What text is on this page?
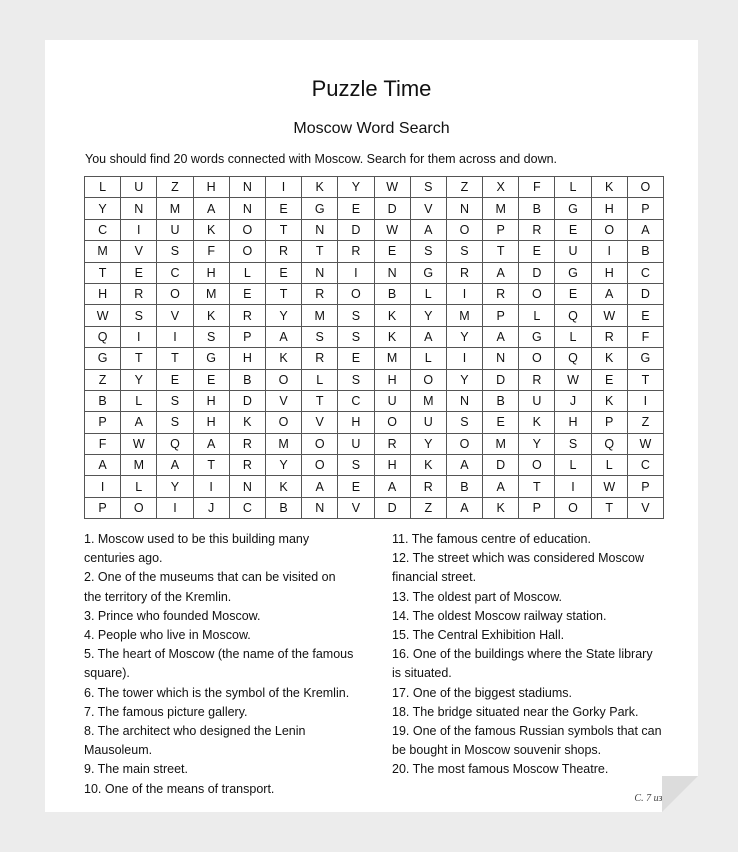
Puzzle Time
Moscow Word Search
You should find 20 words connected with Moscow. Search for them across and down.
L	U	Z	H	N	I	K	Y	W	S	Z	X	F	L	K	O
Y	N	M	A	N	E	G	E	D	V	N	M	B	G	H	P
C	I	U	K	O	T	N	D	W	A	O	P	R	E	O	A
M	V	S	F	O	R	T	R	E	S	S	T	E	U	I	B
T	E	C	H	L	E	N	I	N	G	R	A	D	G	H	C
H	R	O	M	E	T	R	O	B	L	I	R	O	E	A	D
W	S	V	K	R	Y	M	S	K	Y	M	P	L	Q	W	E
Q	I	I	S	P	A	S	S	K	A	Y	A	G	L	R	F
G	T	T	G	H	K	R	E	M	L	I	N	O	Q	K	G
Z	Y	E	E	B	O	L	S	H	O	Y	D	R	W	E	T
B	L	S	H	D	V	T	C	U	M	N	B	U	J	K	I
P	A	S	H	K	O	V	H	O	U	S	E	K	H	P	Z
F	W	Q	A	R	M	O	U	R	Y	O	M	Y	S	Q	W
A	M	A	T	R	Y	O	S	H	K	A	D	O	L	L	C
I	L	Y	I	N	K	A	E	A	R	B	A	T	I	W	P
P	O	I	J	C	B	N	V	D	Z	A	K	P	O	T	V

1. Moscow used to be this building many centuries ago.

2. One of the museums that can be visited on the territory of the Kremlin.

3. Prince who founded Moscow.

4. People who live in Moscow.

5. The heart of Moscow (the name of the famous square).

6. The tower which is the symbol of the Kremlin.

7. The famous picture gallery.

8. The architect who designed the Lenin Mausoleum.

9. The main street.

10. One of the means of transport.

11. The famous centre of education.

12. The street which was considered Moscow financial street.

13. The oldest part of Moscow.

14. The oldest Moscow railway station.

15. The Central Exhibition Hall.

16. One of the buildings where the State library is situated.

17. One of the biggest stadiums.

18. The bridge situated near the Gorky Park.

19. One of the famous Russian symbols that can be bought in Moscow souvenir shops.

20. The most famous Moscow Theatre.

С. 7 из 8
